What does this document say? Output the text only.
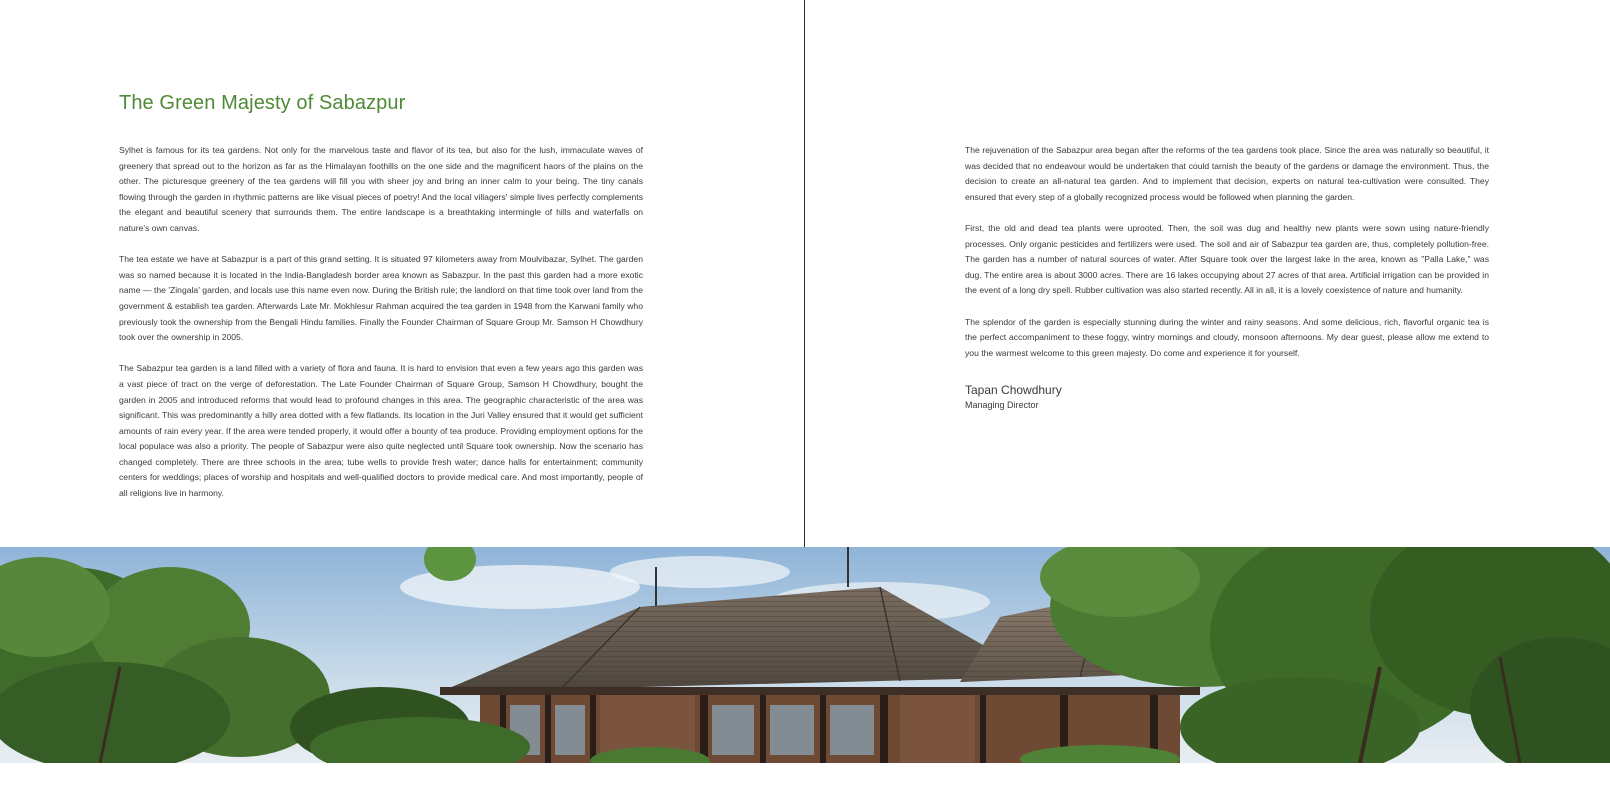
The Green Majesty of Sabazpur

Sylhet is famous for its tea gardens. Not only for the marvelous taste and flavor of its tea, but also for the lush, immaculate waves of greenery that spread out to the horizon as far as the Himalayan foothills on the one side and the magnificent haors of the plains on the other. The picturesque greenery of the tea gardens will fill you with sheer joy and bring an inner calm to your being. The tiny canals flowing through the garden in rhythmic patterns are like visual pieces of poetry! And the local villagers' simple lives perfectly complements the elegant and beautiful scenery that surrounds them. The entire landscape is a breathtaking intermingle of hills and waterfalls on nature's own canvas.

The tea estate we have at Sabazpur is a part of this grand setting. It is situated 97 kilometers away from Moulvibazar, Sylhet. The garden was so named because it is located in the India-Bangladesh border area known as Sabazpur. In the past this garden had a more exotic name — the 'Zingala' garden, and locals use this name even now. During the British rule; the landlord on that time took over land from the government & establish tea garden. Afterwards Late Mr. Mokhlesur Rahman acquired the tea garden in 1948 from the Karwani family who previously took the ownership from the Bengali Hindu families. Finally the Founder Chairman of Square Group Mr. Samson H Chowdhury took over the ownership in 2005.

The Sabazpur tea garden is a land filled with a variety of flora and fauna. It is hard to envision that even a few years ago this garden was a vast piece of tract on the verge of deforestation. The Late Founder Chairman of Square Group, Samson H Chowdhury, bought the garden in 2005 and introduced reforms that would lead to profound changes in this area. The geographic characteristic of the area was significant. This was predominantly a hilly area dotted with a few flatlands. Its location in the Juri Valley ensured that it would get sufficient amounts of rain every year. If the area were tended properly, it would offer a bounty of tea produce. Providing employment options for the local populace was also a priority. The people of Sabazpur were also quite neglected until Square took ownership. Now the scenario has changed completely. There are three schools in the area; tube wells to provide fresh water; dance halls for entertainment; community centers for weddings; places of worship and hospitals and well-qualified doctors to provide medical care. And most importantly, people of all religions live in harmony.

The rejuvenation of the Sabazpur area began after the reforms of the tea gardens took place. Since the area was naturally so beautiful, it was decided that no endeavour would be undertaken that could tarnish the beauty of the gardens or damage the environment. Thus, the decision to create an all-natural tea garden. And to implement that decision, experts on natural tea-cultivation were consulted. They ensured that every step of a globally recognized process would be followed when planning the garden.

First, the old and dead tea plants were uprooted. Then, the soil was dug and healthy new plants were sown using nature-friendly processes. Only organic pesticides and fertilizers were used. The soil and air of Sabazpur tea garden are, thus, completely pollution-free. The garden has a number of natural sources of water. After Square took over the largest lake in the area, known as "Palla Lake," was dug. The entire area is about 3000 acres. There are 16 lakes occupying about 27 acres of that area. Artificial irrigation can be provided in the event of a long dry spell. Rubber cultivation was also started recently. All in all, it is a lovely coexistence of nature and humanity.

The splendor of the garden is especially stunning during the winter and rainy seasons. And some delicious, rich, flavorful organic tea is the perfect accompaniment to these foggy, wintry mornings and cloudy, monsoon afternoons. My dear guest, please allow me extend to you the warmest welcome to this green majesty. Do come and experience it for yourself.

Tapan Chowdhury
Managing Director
